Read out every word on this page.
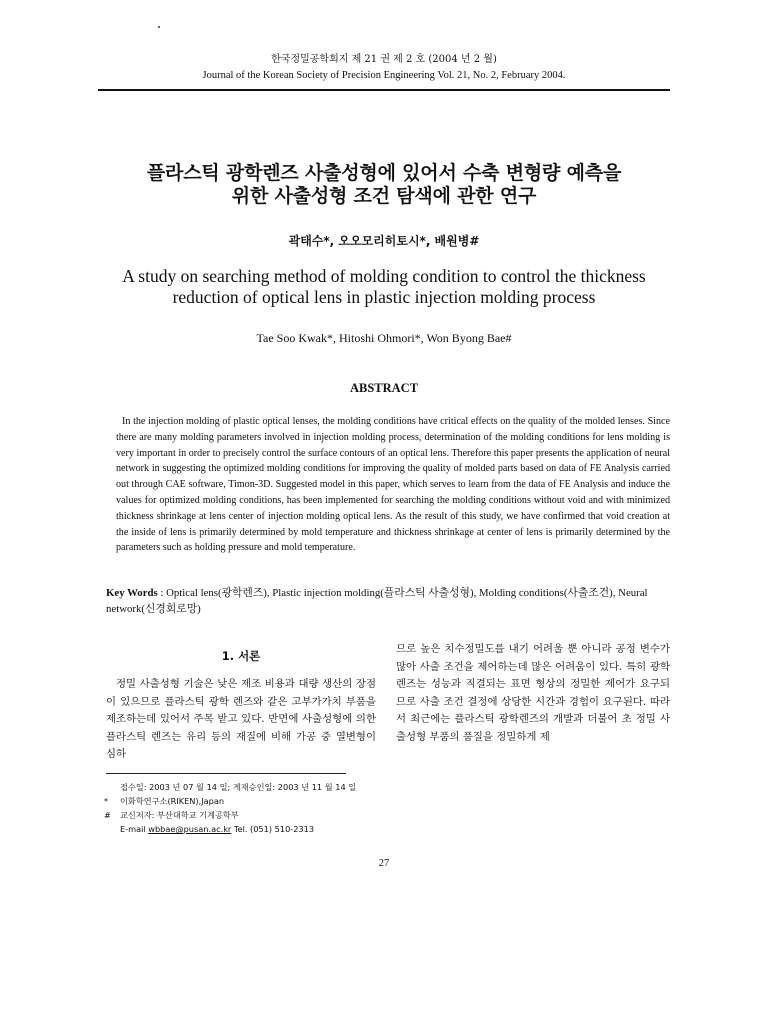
한국정밀공학회지 제 21 권 제 2 호 (2004 년 2 월)
Journal of the Korean Society of Precision Engineering Vol. 21, No. 2, February 2004.
플라스틱 광학렌즈 사출성형에 있어서 수축 변형량 예측을
위한 사출성형 조건 탐색에 관한 연구
곽태수*, 오오모리히토시*, 배원병#
A study on searching method of molding condition to control the thickness
reduction of optical lens in plastic injection molding process
Tae Soo Kwak*, Hitoshi Ohmori*, Won Byong Bae#
ABSTRACT
In the injection molding of plastic optical lenses, the molding conditions have critical effects on the quality of the molded lenses. Since there are many molding parameters involved in injection molding process, determination of the molding conditions for lens molding is very important in order to precisely control the surface contours of an optical lens. Therefore this paper presents the application of neural network in suggesting the optimized molding conditions for improving the quality of molded parts based on data of FE Analysis carried out through CAE software, Timon-3D. Suggested model in this paper, which serves to learn from the data of FE Analysis and induce the values for optimized molding conditions, has been implemented for searching the molding conditions without void and with minimized thickness shrinkage at lens center of injection molding optical lens. As the result of this study, we have confirmed that void creation at the inside of lens is primarily determined by mold temperature and thickness shrinkage at center of lens is primarily determined by the parameters such as holding pressure and mold temperature.
Key Words : Optical lens(광학렌즈), Plastic injection molding(플라스틱 사출성형), Molding conditions(사출조건), Neural network(신경회로망)
1. 서론
정밀 사출성형 기술은 낮은 제조 비용과 대량 생산의 장점이 있으므로 플라스틱 광학 렌즈와 같은 고부가가치 부품을 제조하는데 있어서 주목 받고 있다. 반면에 사출성형에 의한 플라스틱 렌즈는 유리 등의 재질에 비해 가공 중 열변형이 심하
므로 높은 치수정밀도를 내기 어려울 뿐 아니라 공정 변수가 많아 사출 조건을 제어하는데 많은 어려움이 있다. 특히 광학 렌즈는 성능과 직결되는 표면 형상의 정밀한 제어가 요구되므로 사출 조건 결정에 상당한 시간과 경험이 요구된다. 따라서 최근에는 플라스틱 광학렌즈의 개발과 더불어 초 정밀 사출성형 부품의 품질을 정밀하게 제
접수일: 2003 년 07 월 14 일; 게재승인일: 2003 년 11 월 14 일
* 이화학연구소(RIKEN),Japan
# 교신저자: 부산대학교 기계공학부
E-mail wbbae@pusan.ac.kr Tel. (051) 510-2313
27
